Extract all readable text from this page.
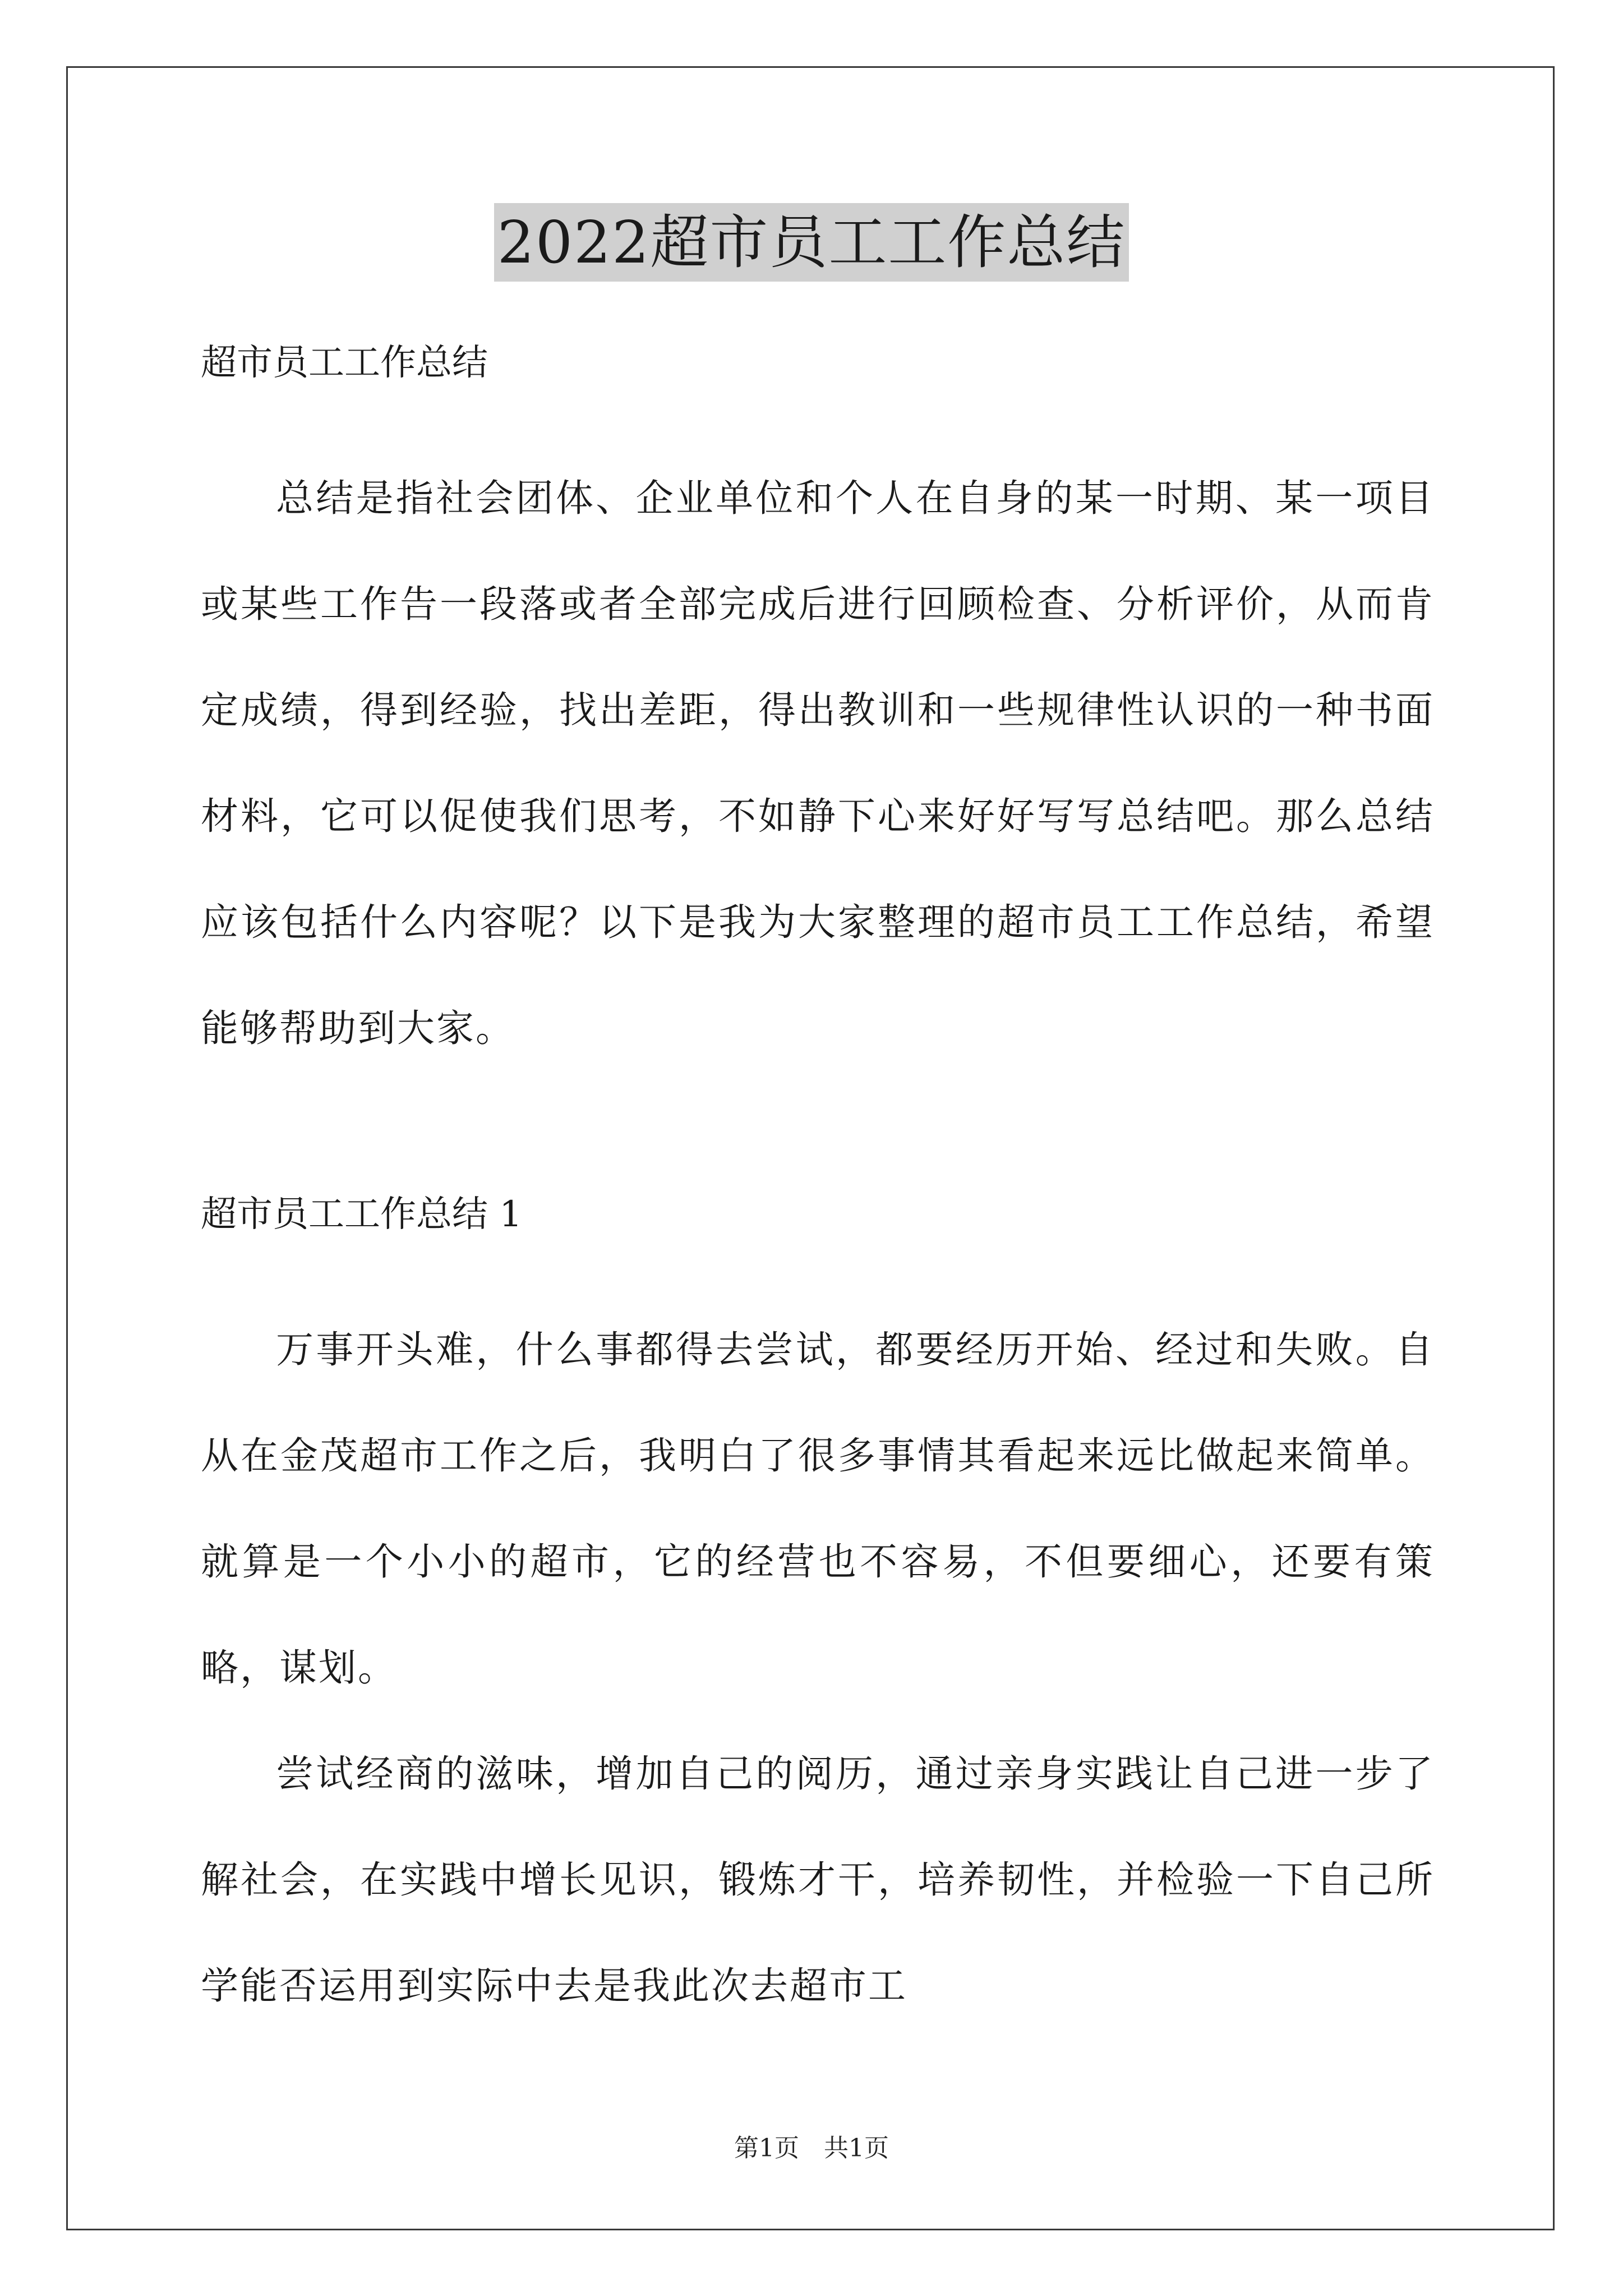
2022超市员工工作总结

超市员工工作总结

总结是指社会团体、企业单位和个人在自身的某一时期、某一项目或某些工作告一段落或者全部完成后进行回顾检查、分析评价，从而肯定成绩，得到经验，找出差距，得出教训和一些规律性认识的一种书面材料，它可以促使我们思考，不如静下心来好好写写总结吧。那么总结应该包括什么内容呢？以下是我为大家整理的超市员工工作总结，希望能够帮助到大家。

超市员工工作总结 1

万事开头难，什么事都得去尝试，都要经历开始、经过和失败。自从在金茂超市工作之后，我明白了很多事情其看起来远比做起来简单。就算是一个小小的超市，它的经营也不容易，不但要细心，还要有策略，谋划。

尝试经商的滋味，增加自己的阅历，通过亲身实践让自己进一步了解社会，在实践中增长见识，锻炼才干，培养韧性，并检验一下自己所学能否运用到实际中去是我此次去超市工

第1页　共1页
